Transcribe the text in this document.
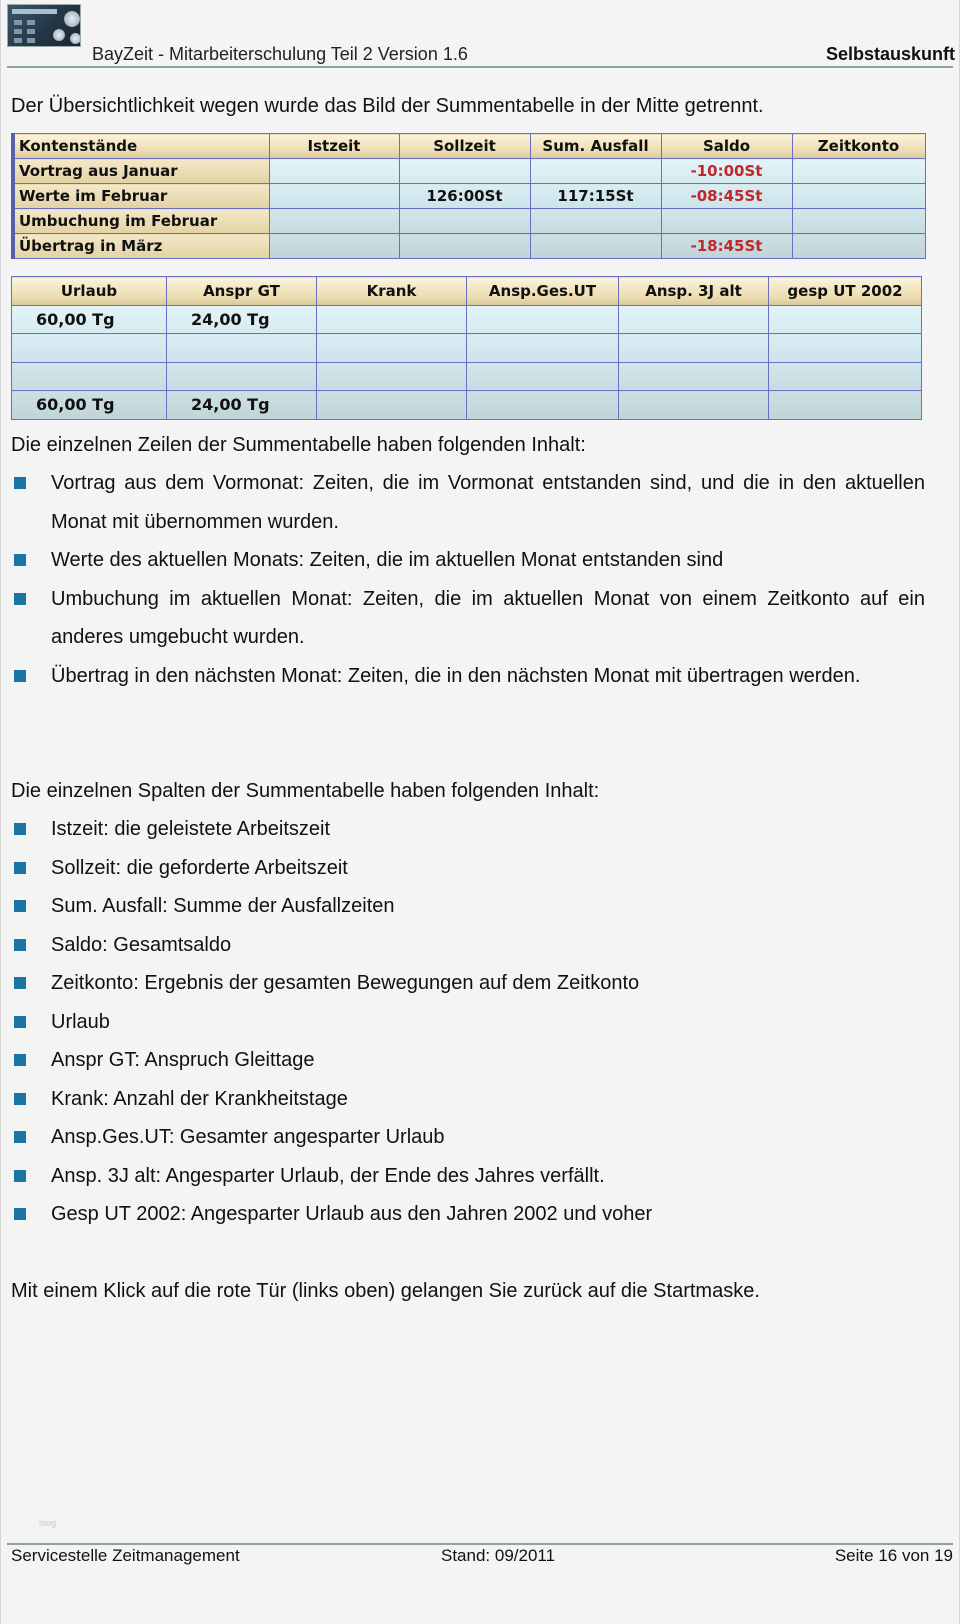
BayZeit - Mitarbeiterschulung Teil 2 Version 1.6	Selbstauskunft
Der Übersichtlichkeit wegen wurde das Bild der Summentabelle in der Mitte getrennt.
Kontenstände	Istzeit	Sollzeit	Sum. Ausfall	Saldo	Zeitkonto
Vortrag aus Januar				-10:00St	
Werte im Februar		126:00St	117:15St	-08:45St	
Umbuchung im Februar					
Übertrag in März				-18:45St	
Urlaub	Anspr GT	Krank	Ansp.Ges.UT	Ansp. 3J alt	gesp UT 2002
60,00 Tg	24,00 Tg				

60,00 Tg	24,00 Tg				
Die einzelnen Zeilen der Summentabelle haben folgenden Inhalt:
Vortrag aus dem Vormonat: Zeiten, die im Vormonat entstanden sind, und die in den aktuellen Monat mit übernommen wurden.
Werte des aktuellen Monats: Zeiten, die im aktuellen Monat entstanden sind
Umbuchung im aktuellen Monat: Zeiten, die im aktuellen Monat von einem Zeitkonto auf ein anderes umgebucht wurden.
Übertrag in den nächsten Monat: Zeiten, die in den nächsten Monat mit übertragen werden.
Die einzelnen Spalten der Summentabelle haben folgenden Inhalt:
Istzeit: die geleistete Arbeitszeit
Sollzeit: die geforderte Arbeitszeit
Sum. Ausfall: Summe der Ausfallzeiten
Saldo: Gesamtsaldo
Zeitkonto: Ergebnis der gesamten Bewegungen auf dem Zeitkonto
Urlaub
Anspr GT: Anspruch Gleittage
Krank: Anzahl der Krankheitstage
Ansp.Ges.UT: Gesamter angesparter Urlaub
Ansp. 3J alt: Angesparter Urlaub, der Ende des Jahres verfällt.
Gesp UT 2002: Angesparter Urlaub aus den Jahren 2002 und voher
Mit einem Klick auf die rote Tür (links oben) gelangen Sie zurück auf die Startmaske.
blog
Servicestelle Zeitmanagement	Stand: 09/2011	Seite 16 von 19
